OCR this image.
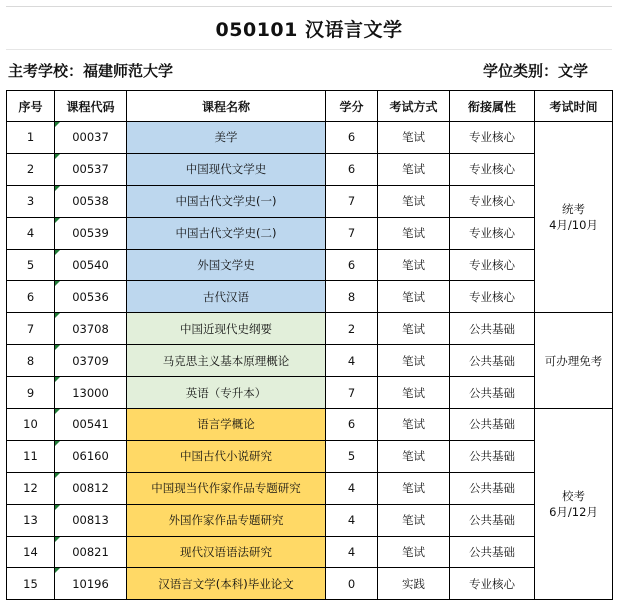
050101 汉语言文学
主考学校：福建师范大学	学位类别：文学
序号	课程代码	课程名称	学分	考试方式	衔接属性	考试时间
1	00037	美学	6	笔试	专业核心	统考
4月/10月
2	00537	中国现代文学史	6	笔试	专业核心	
3	00538	中国古代文学史(一)	7	笔试	专业核心	
4	00539	中国古代文学史(二)	7	笔试	专业核心	
5	00540	外国文学史	6	笔试	专业核心	
6	00536	古代汉语	8	笔试	专业核心	
7	03708	中国近现代史纲要	2	笔试	公共基础	可办理免考
8	03709	马克思主义基本原理概论	4	笔试	公共基础	
9	13000	英语（专升本）	7	笔试	公共基础	
10	00541	语言学概论	6	笔试	公共基础	校考
6月/12月
11	06160	中国古代小说研究	5	笔试	公共基础	
12	00812	中国现当代作家作品专题研究	4	笔试	公共基础	
13	00813	外国作家作品专题研究	4	笔试	公共基础	
14	00821	现代汉语语法研究	4	笔试	公共基础	
15	10196	汉语言文学(本科)毕业论文	0	实践	专业核心	
